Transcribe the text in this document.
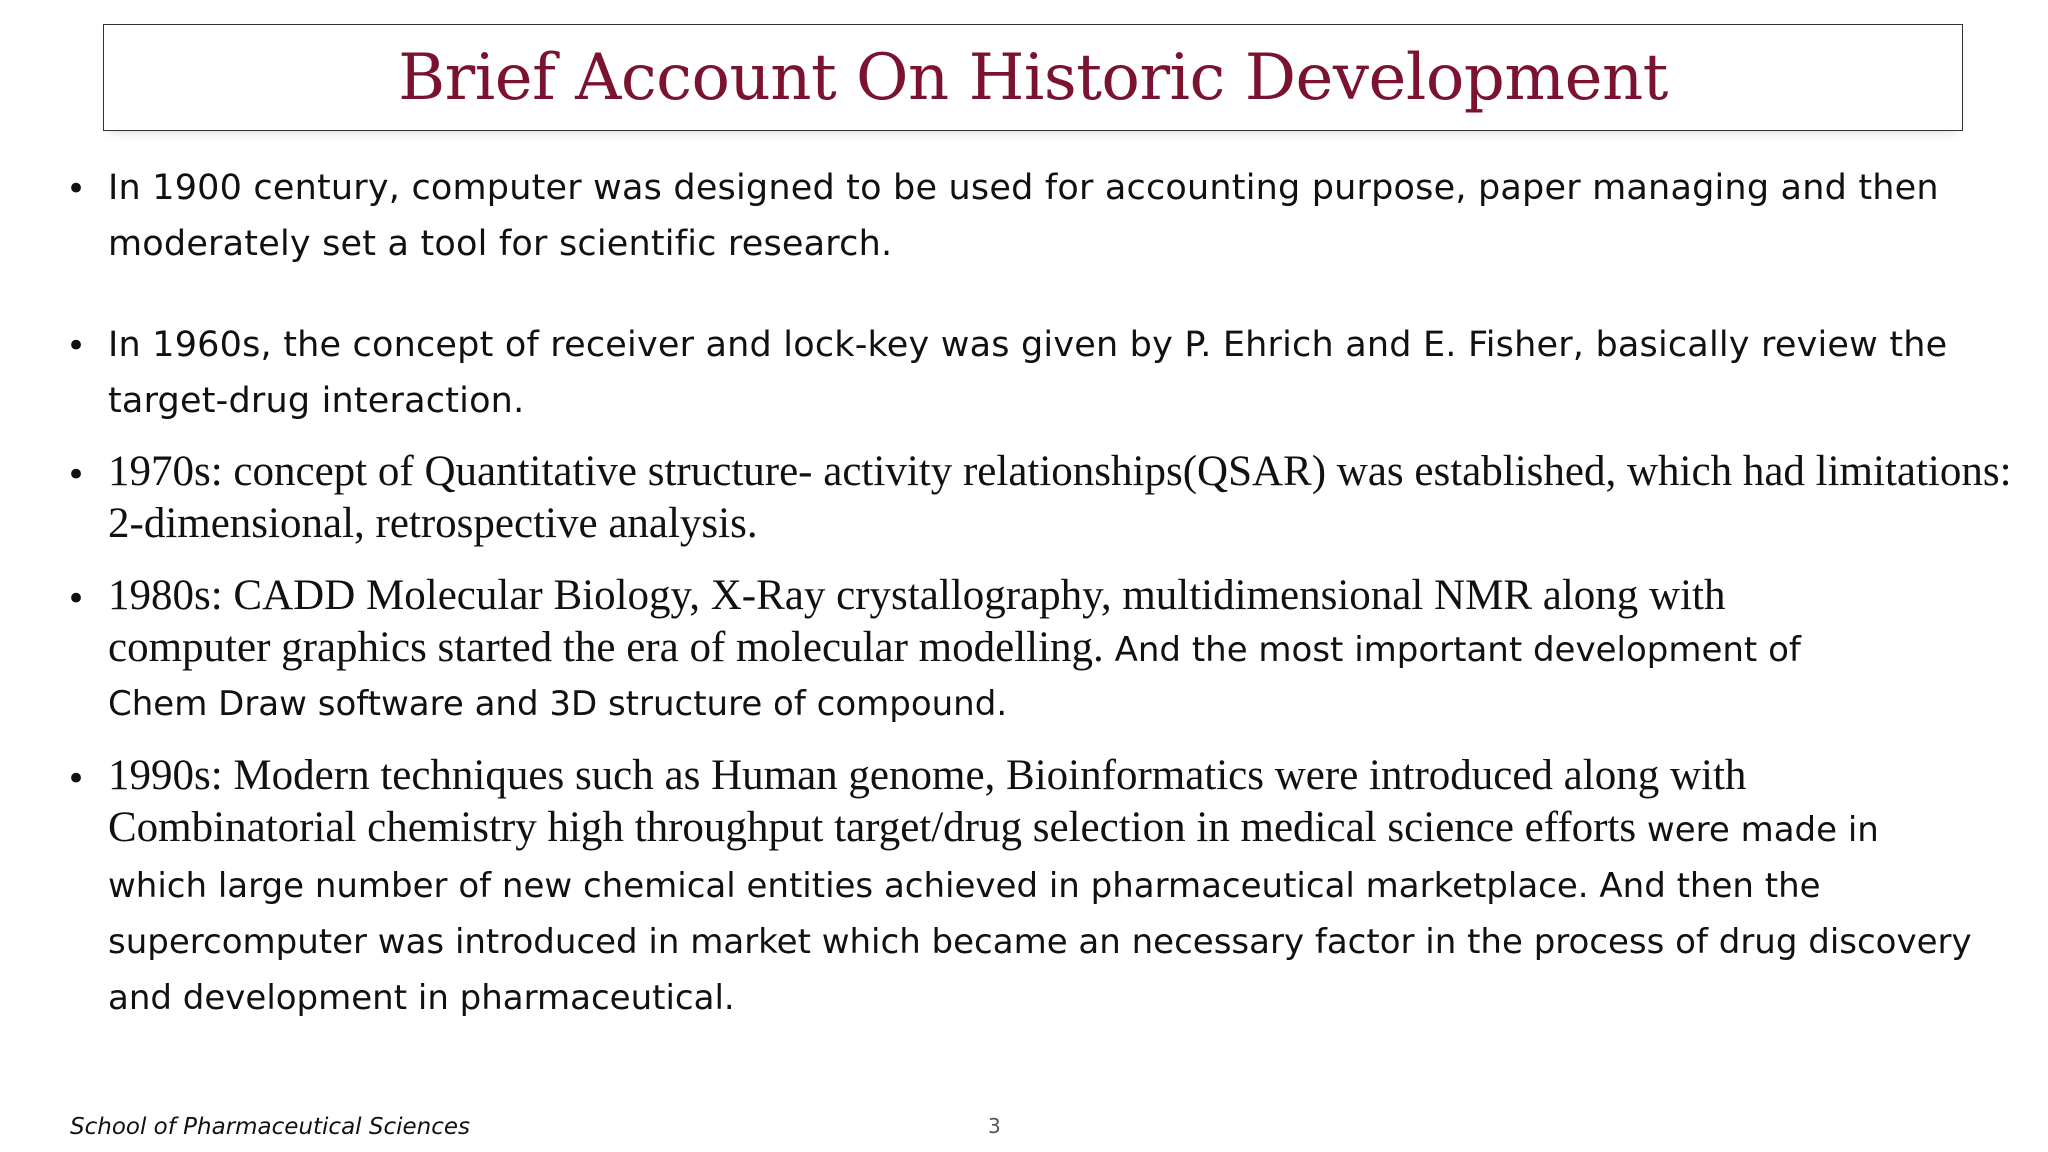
Brief Account On Historic Development
• In 1900 century, computer was designed to be used for accounting purpose, paper managing and then moderately set a tool for scientific research.
• In 1960s, the concept of receiver and lock-key was given by P. Ehrich and E. Fisher, basically review the target-drug interaction.
• 1970s: concept of Quantitative structure- activity relationships(QSAR) was established, which had limitations: 2-dimensional, retrospective analysis.
• 1980s: CADD Molecular Biology, X-Ray crystallography, multidimensional NMR along with computer graphics started the era of molecular modelling. And the most important development of Chem Draw software and 3D structure of compound.
• 1990s: Modern techniques such as Human genome, Bioinformatics were introduced along with Combinatorial chemistry high throughput target/drug selection in medical science efforts were made in which large number of new chemical entities achieved in pharmaceutical marketplace. And then the supercomputer was introduced in market which became an necessary factor in the process of drug discovery and development in pharmaceutical.
School of Pharmaceutical Sciences	3
